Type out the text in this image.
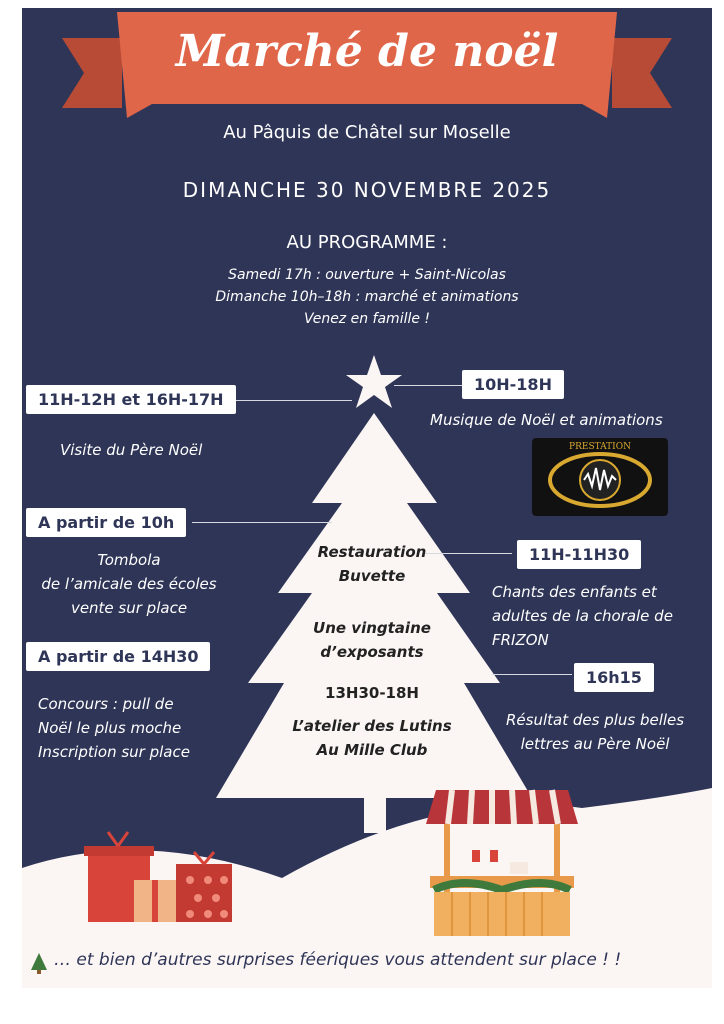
Marché de noël
Au Pâquis de Châtel sur Moselle
DIMANCHE 30 NOVEMBRE 2025
AU PROGRAMME :
Samedi 17h : ouverture + Saint-Nicolas
Dimanche 10h–18h : marché et animations
Venez en famille !
Restauration
Buvette
Une vingtaine
d’exposants
13H30-18H
L’atelier des Lutins
Au Mille Club
11H-12H et 16H-17H
Visite du Père Noël
A partir de 10h
Tombola
de l’amicale des écoles
vente sur place
A partir de 14H30
Concours : pull de
Noël le plus moche
Inscription sur place
10H-18H
Musique de Noël et animations
PRESTATION
11H-11H30
Chants des enfants et
adultes de la chorale de
FRIZON
16h15
Résultat des plus belles
lettres au Père Noël
… et bien d’autres surprises féeriques vous attendent sur place ! !
